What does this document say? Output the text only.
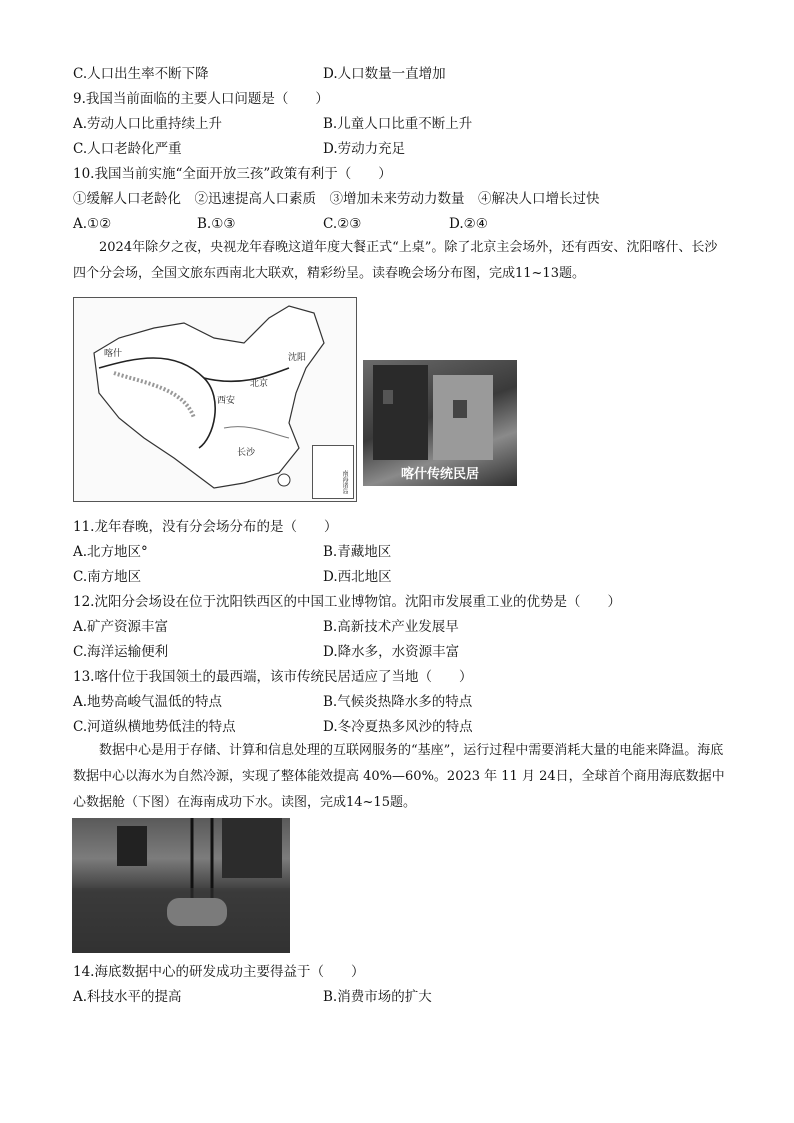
C.人口出生率不断下降	D.人口数量一直增加
9.我国当前面临的主要人口问题是（　　）
A.劳动人口比重持续上升	B.儿童人口比重不断上升
C.人口老龄化严重	D.劳动力充足
10.我国当前实施“全面开放三孩”政策有利于（　　）
①缓解人口老龄化　②迅速提高人口素质　③增加未来劳动力数量　④解决人口增长过快
A.①②	B.①③	C.②③	D.②④
2024年除夕之夜，央视龙年春晚这道年度大餐正式“上桌”。除了北京主会场外，还有西安、沈阳喀什、长沙四个分会场，全国文旅东西南北大联欢，精彩纷呈。读春晚会场分布图，完成11~13题。
喀什	沈阳
北京
西安
长沙
南海诸岛	喀什传统民居
11.龙年春晚，没有分会场分布的是（　　）
A.北方地区°	B.青藏地区
C.南方地区	D.西北地区
12.沈阳分会场设在位于沈阳铁西区的中国工业博物馆。沈阳市发展重工业的优势是（　　）
A.矿产资源丰富	B.高新技术产业发展早
C.海洋运输便利	D.降水多，水资源丰富
13.喀什位于我国领土的最西端，该市传统民居适应了当地（　　）
A.地势高峻气温低的特点	B.气候炎热降水多的特点
C.河道纵横地势低洼的特点	D.冬冷夏热多风沙的特点
数据中心是用于存储、计算和信息处理的互联网服务的“基座”，运行过程中需要消耗大量的电能来降温。海底数据中心以海水为自然冷源，实现了整体能效提高 40%—60%。2023 年 11 月 24日，全球首个商用海底数据中心数据舱（下图）在海南成功下水。读图，完成14~15题。
14.海底数据中心的研发成功主要得益于（　　）
A.科技水平的提高	B.消费市场的扩大
